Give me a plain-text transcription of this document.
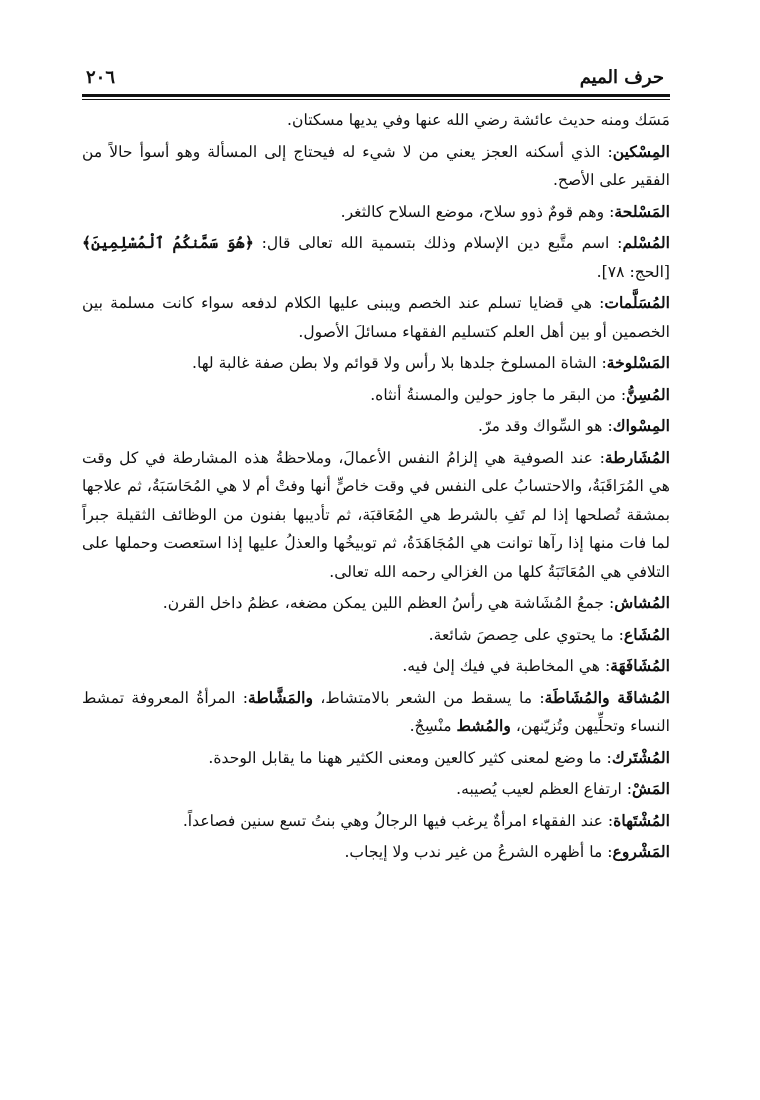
حرف الميم
٢٠٦

مَسَك ومنه حديث عائشة رضي الله عنها وفي يديها مسكتان.

المِسْكين: الذي أسكنه العجز يعني من لا شيء له فيحتاج إلى المسألة وهو أسوأ حالاً من الفقير على الأصح.

المَسْلحة: وهم قومٌ ذوو سلاح، موضع السلاح كالثغر.

المُسْلم: اسم متَّبع دين الإسلام وذلك بتسمية الله تعالى قال: ﴿هُوَ سَمَّنكُمُ ٱلْمُسْلِمِينَ﴾ [الحج: ٧٨].

المُسَلَّمات: هي قضايا تسلم عند الخصم ويبنى عليها الكلام لدفعه سواء كانت مسلمة بين الخصمين أو بين أهل العلم كتسليم الفقهاء مسائلَ الأصول.

المَسْلوخة: الشاة المسلوخ جلدها بلا رأس ولا قوائم ولا بطن صفة غالبة لها.

المُسِنُّ: من البقر ما جاوز حولين والمسنةُ أنثاه.

المِسْواك: هو السِّواك وقد مرّ.

المُشَارطة: عند الصوفية هي إلزامُ النفس الأعمالَ، وملاحظةُ هذه المشارطة في كل وقت هي المُرَاقَبَةُ، والاحتسابُ على النفس في وقت خاصٍّ أنها وفتْ أم لا هي المُحَاسَبَةُ، ثم علاجها بمشقة تُصلحها إذا لم تَفِ بالشرط هي المُعَاقبَة، ثم تأديبها بفنون من الوظائف الثقيلة جبراً لما فات منها إذا رآها توانت هي المُجَاهَدَةُ، ثم توبيخُها والعذلُ عليها إذا استعصت وحملها على التلافي هي المُعَاتَبَةُ كلها من الغزالي رحمه الله تعالى.

المُشاش: جمعُ المُشَاشة هي رأسُ العظم اللين يمكن مضغه، عظمُ داخل القرن.

المُشَاع: ما يحتوي على حِصصَ شائعة.

المُشَافَهَة: هي المخاطبة في فيك إلىٰ فيه.

المُشاقَة والمُشَاطَة: ما يسقط من الشعر بالامتشاط، والمَشَّاطة: المرأةُ المعروفة تمشط النساء وتحلِّيهن وتُزيّنهن، والمُشط منْسِجٌ.

المُشْتَرك: ما وضع لمعنى كثير كالعين ومعنى الكثير ههنا ما يقابل الوحدة.

المَشْ: ارتفاع العظم لعيب يُصيبه.

المُشْتَهاة: عند الفقهاء امرأةٌ يرغب فيها الرجالُ وهي بنتُ تسع سنين فصاعداً.

المَشْروع: ما أظهره الشرعُ من غير ندب ولا إيجاب.
